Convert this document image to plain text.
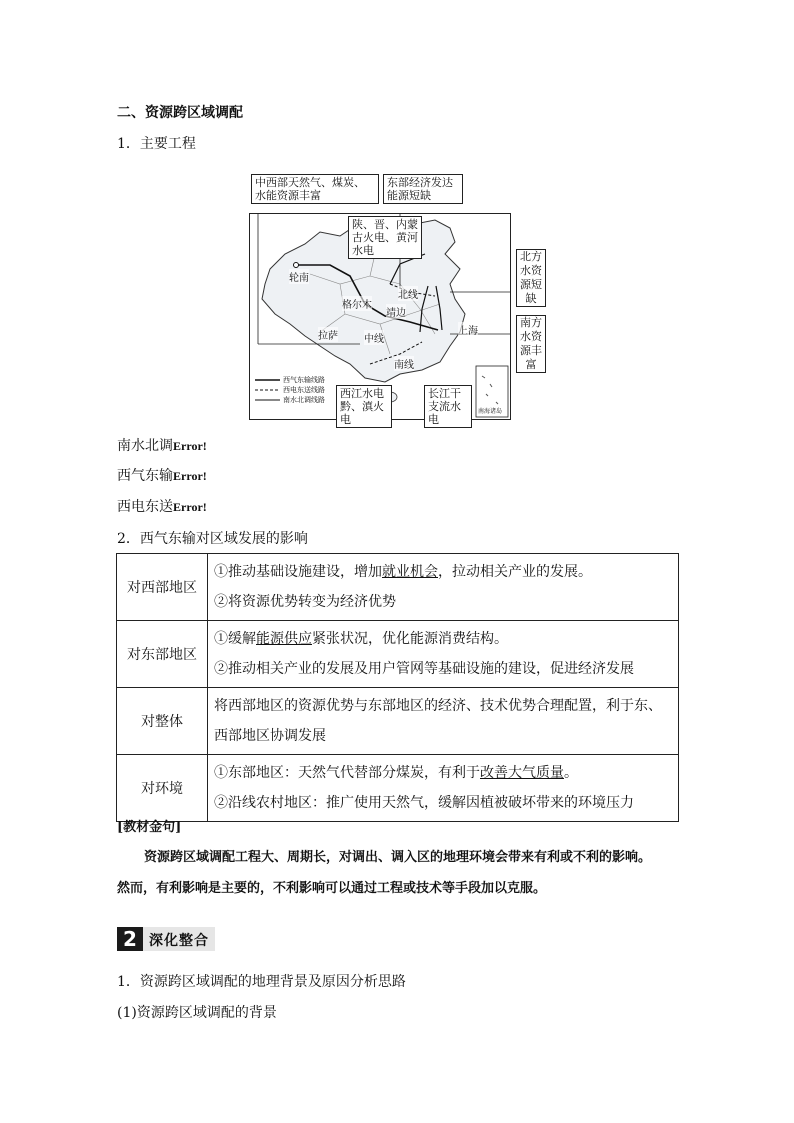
二、资源跨区域调配
1．主要工程
中西部天然气、煤炭、水能资源丰富
东部经济发达能源短缺
陕、晋、内蒙古火电、黄河水电
西江水电黔、滇火电
长江干支流水电
轮南
格尔木
靖边
拉萨	上海
北线
中线
南线
西气东输线路
西电东送线路
南水北调线路
南海诸岛
北方水资源短缺
南方水资源丰富
南水北调Error!
西气东输Error!
西电东送Error!
2．西气东输对区域发展的影响
对西部地区	①推动基础设施建设，增加就业机会，拉动相关产业的发展。
②将资源优势转变为经济优势

对东部地区	①缓解能源供应紧张状况，优化能源消费结构。
②推动相关产业的发展及用户管网等基础设施的建设，促进经济发展

对整体	将西部地区的资源优势与东部地区的经济、技术优势合理配置，利于东、西部地区协调发展
对环境	①东部地区：天然气代替部分煤炭，有利于改善大气质量。
②沿线农村地区：推广使用天然气，缓解因植被破坏带来的环境压力
[教材金句]
资源跨区域调配工程大、周期长，对调出、调入区的地理环境会带来有利或不利的影响。
然而，有利影响是主要的，不利影响可以通过工程或技术等手段加以克服。
2 深化整合
1．资源跨区域调配的地理背景及原因分析思路
(1)资源跨区域调配的背景
